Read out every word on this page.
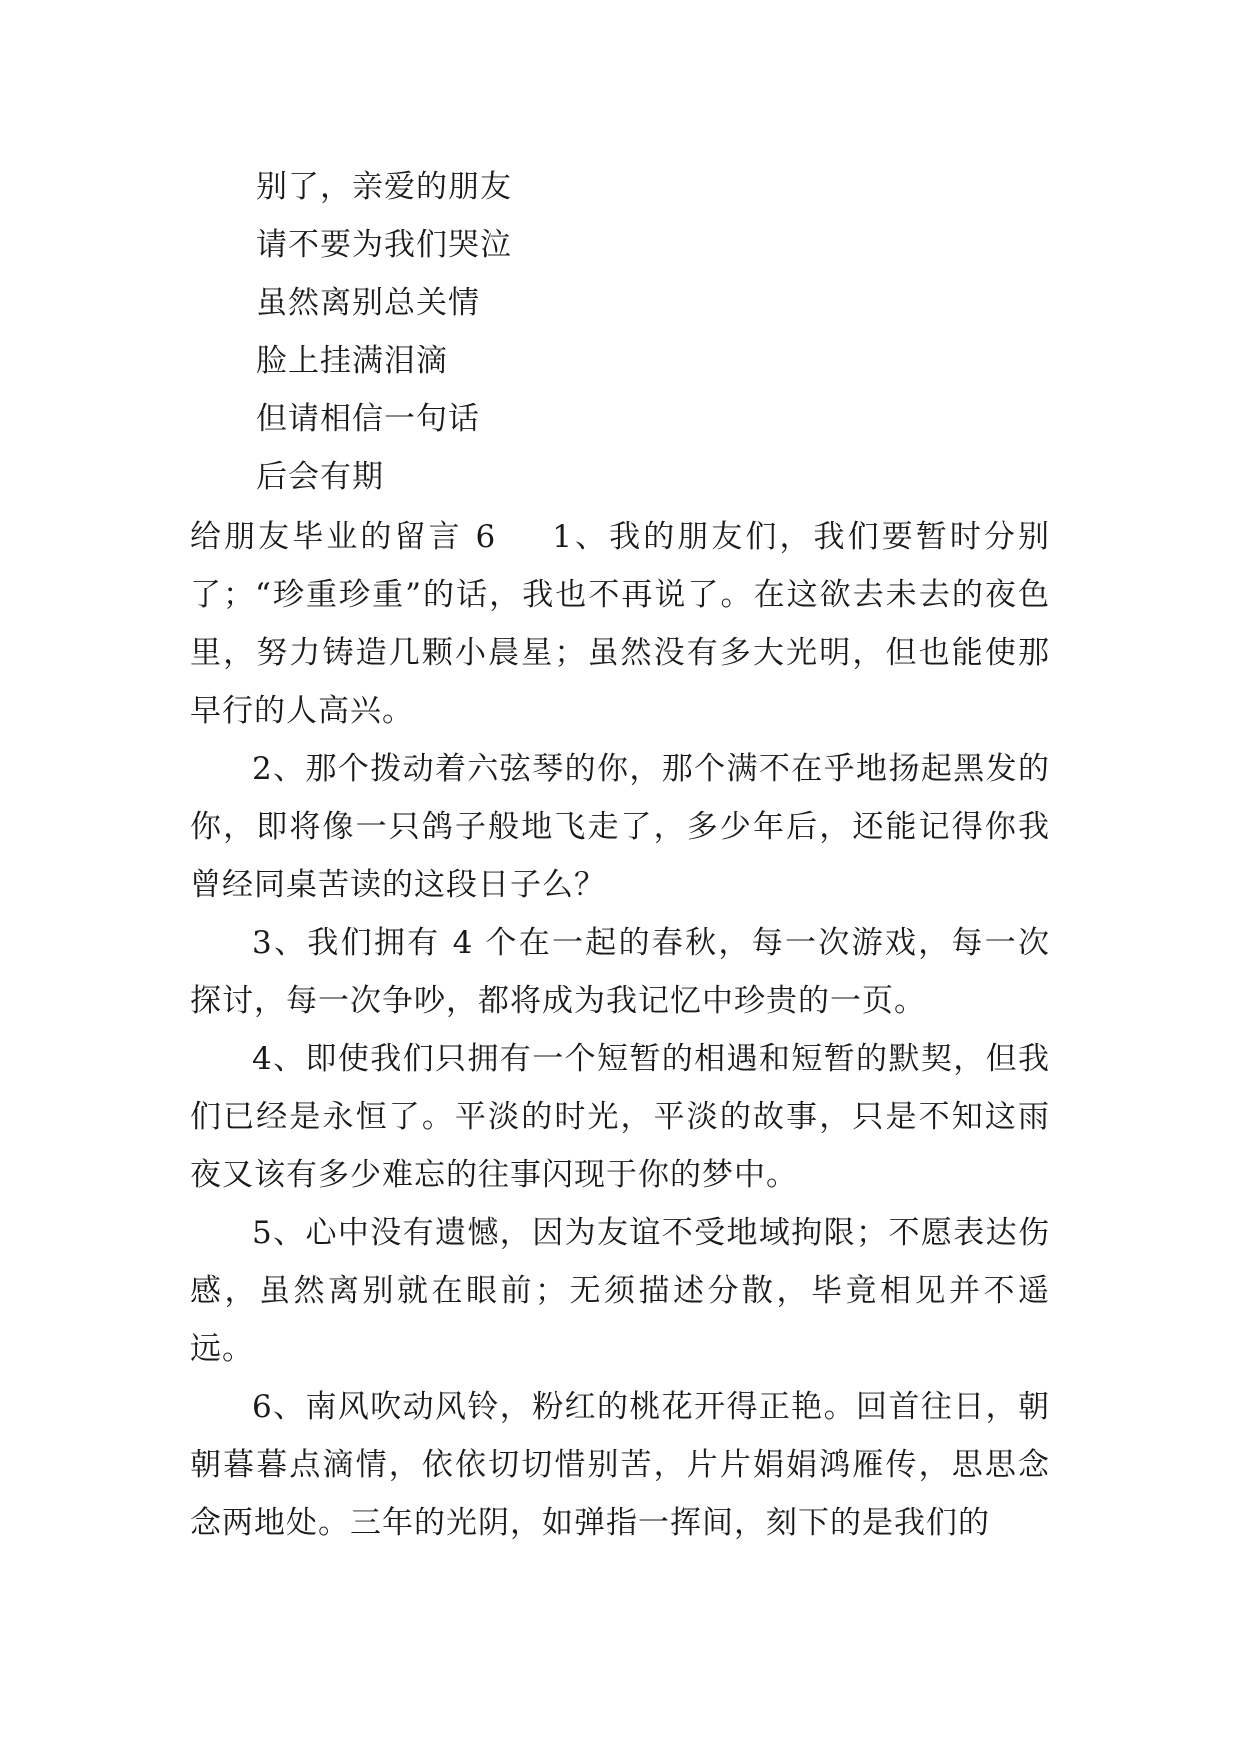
别了，亲爱的朋友
请不要为我们哭泣
虽然离别总关情
脸上挂满泪滴
但请相信一句话
后会有期

给朋友毕业的留言 6 1、我的朋友们，我们要暂时分别了；“珍重珍重”的话，我也不再说了。在这欲去未去的夜色里，努力铸造几颗小晨星；虽然没有多大光明，但也能使那早行的人高兴。

2、那个拨动着六弦琴的你，那个满不在乎地扬起黑发的你，即将像一只鸽子般地飞走了，多少年后，还能记得你我曾经同桌苦读的这段日子么？

3、我们拥有 4 个在一起的春秋，每一次游戏，每一次探讨，每一次争吵，都将成为我记忆中珍贵的一页。

4、即使我们只拥有一个短暂的相遇和短暂的默契，但我们已经是永恒了。平淡的时光，平淡的故事，只是不知这雨夜又该有多少难忘的往事闪现于你的梦中。

5、心中没有遗憾，因为友谊不受地域拘限；不愿表达伤感，虽然离别就在眼前；无须描述分散，毕竟相见并不遥远。

6、南风吹动风铃，粉红的桃花开得正艳。回首往日，朝朝暮暮点滴情，依依切切惜别苦，片片娟娟鸿雁传，思思念念两地处。三年的光阴，如弹指一挥间，刻下的是我们的
